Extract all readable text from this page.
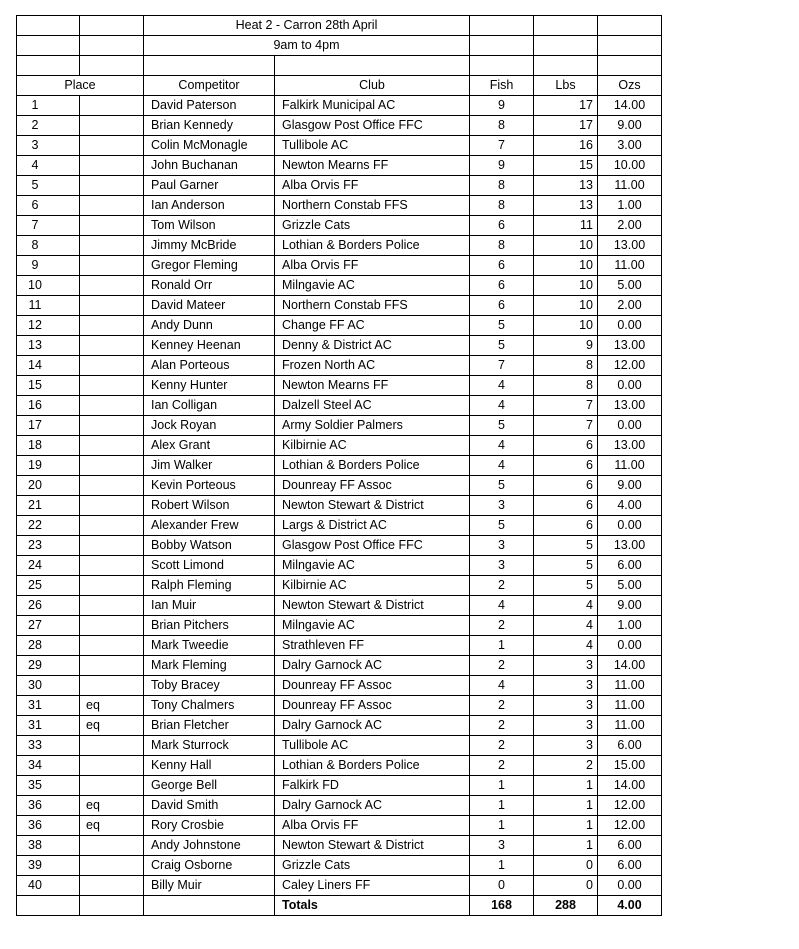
		Heat 2 - Carron 28th April				
		9am to 4pm				

Place		Competitor	Club	Fish	Lbs	Ozs
1		David Paterson	Falkirk Municipal AC	9	17	14.00
2		Brian Kennedy	Glasgow Post Office FFC	8	17	9.00
3		Colin McMonagle	Tullibole AC	7	16	3.00
4		John Buchanan	Newton Mearns FF	9	15	10.00
5		Paul Garner	Alba Orvis FF	8	13	11.00
6		Ian Anderson	Northern Constab FFS	8	13	1.00
7		Tom Wilson	Grizzle Cats	6	11	2.00
8		Jimmy McBride	Lothian & Borders Police	8	10	13.00
9		Gregor Fleming	Alba Orvis FF	6	10	11.00
10		Ronald Orr	Milngavie AC	6	10	5.00
11		David Mateer	Northern Constab FFS	6	10	2.00
12		Andy Dunn	Change FF AC	5	10	0.00
13		Kenney Heenan	Denny & District AC	5	9	13.00
14		Alan Porteous	Frozen North AC	7	8	12.00
15		Kenny Hunter	Newton Mearns FF	4	8	0.00
16		Ian Colligan	Dalzell Steel AC	4	7	13.00
17		Jock Royan	Army Soldier Palmers	5	7	0.00
18		Alex Grant	Kilbirnie AC	4	6	13.00
19		Jim Walker	Lothian & Borders Police	4	6	11.00
20		Kevin Porteous	Dounreay FF Assoc	5	6	9.00
21		Robert Wilson	Newton Stewart & District	3	6	4.00
22		Alexander Frew	Largs & District AC	5	6	0.00
23		Bobby Watson	Glasgow Post Office FFC	3	5	13.00
24		Scott Limond	Milngavie AC	3	5	6.00
25		Ralph Fleming	Kilbirnie AC	2	5	5.00
26		Ian Muir	Newton Stewart & District	4	4	9.00
27		Brian Pitchers	Milngavie AC	2	4	1.00
28		Mark Tweedie	Strathleven FF	1	4	0.00
29		Mark Fleming	Dalry Garnock AC	2	3	14.00
30		Toby Bracey	Dounreay FF Assoc	4	3	11.00
31	eq	Tony Chalmers	Dounreay FF Assoc	2	3	11.00
31	eq	Brian Fletcher	Dalry Garnock AC	2	3	11.00
33		Mark Sturrock	Tullibole AC	2	3	6.00
34		Kenny Hall	Lothian & Borders Police	2	2	15.00
35		George Bell	Falkirk FD	1	1	14.00
36	eq	David Smith	Dalry Garnock AC	1	1	12.00
36	eq	Rory Crosbie	Alba Orvis FF	1	1	12.00
38		Andy Johnstone	Newton Stewart & District	3	1	6.00
39		Craig Osborne	Grizzle Cats	1	0	6.00
40		Billy Muir	Caley Liners FF	0	0	0.00
			Totals	168	288	4.00
